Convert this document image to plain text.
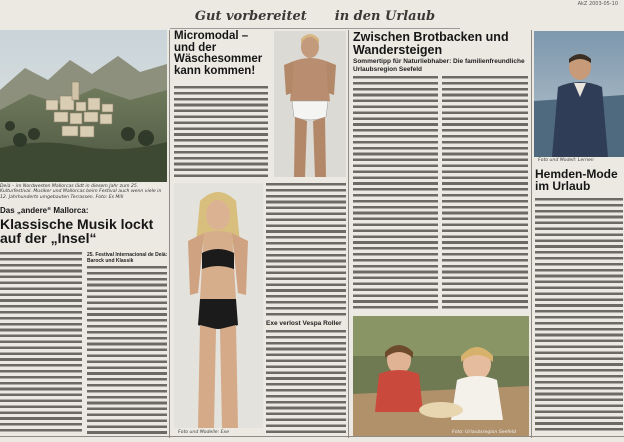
AkZ 2003-05-10
Gut vorbereitet in den Urlaub
Deià – im Nordwesten Mallorcas lädt in diesem Jahr zum 25. Kulturfestival. Musiker und Mallorcas beim Festival auch wenn viele in 12. Jahrhunderts umgebauten Terrassen. Foto: Es Mill
Das „andere“ Mallorca:
Klassische Musik lockt auf der „Insel“
25. Festival Internacional de Deià: Barock und Klassik
Micromodal – und der Wäschesommer kann kommen!
Foto und Modelle: Exe
Exe verlost Vespa Roller
Zwischen Brotbacken und Wandersteigen
Sommertipp für Naturliebhaber: Die familienfreundliche Urlaubsregion Seefeld
Foto: Urlaubsregion Seefeld
Foto und Modell: Lernen
Hemden-Mode im Urlaub
